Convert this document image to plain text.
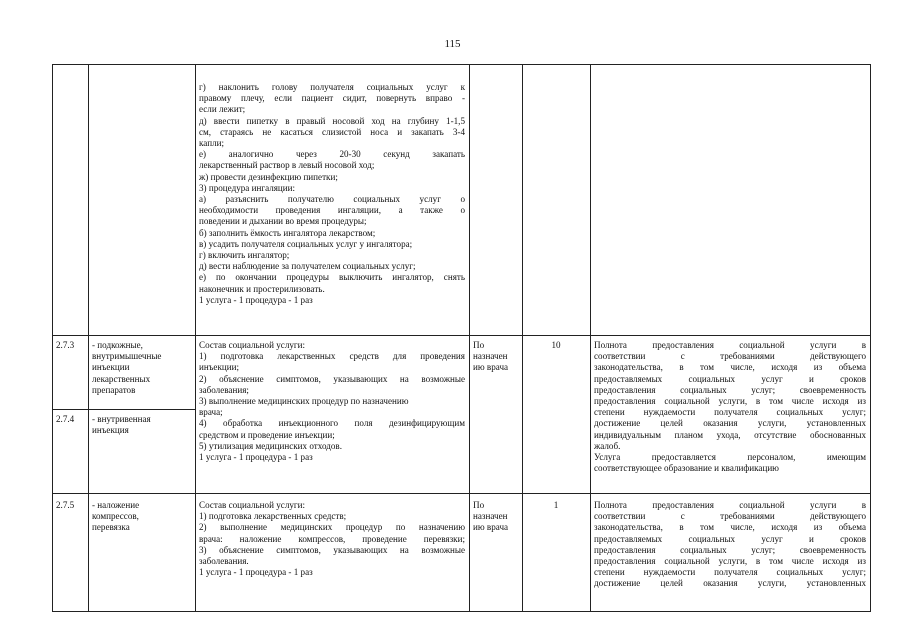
115
г) наклонить голову получателя социальных услуг к
правому плечу, если пациент сидит, повернуть вправо -
если лежит;
д) ввести пипетку в правый носовой ход на глубину 1-1,5
см, стараясь не касаться слизистой носа и закапать 3-4
капли;
е) аналогично через 20-30 секунд закапать
лекарственный раствор в левый носовой ход;
ж) провести дезинфекцию пипетки;
3) процедура ингаляции:
а) разъяснить получателю социальных услуг о
необходимости проведения ингаляции, а также о
поведении и дыхании во время процедуры;
б) заполнить ёмкость ингалятора лекарством;
в) усадить получателя социальных услуг у ингалятора;
г) включить ингалятор;
д) вести наблюдение за получателем социальных услуг;
е) по окончании процедуры выключить ингалятор, снять
наконечник и простерилизовать.
1 услуга - 1 процедура - 1 раз
2.7.3 - подкожные,
внутримышечные
инъекции
лекарственных
препаратов
2.7.4 - внутривенная
инъекция
Состав социальной услуги:
1) подготовка лекарственных средств для проведения
инъекции;
2) объяснение симптомов, указывающих на возможные
заболевания;
3) выполнение медицинских процедур по назначению
врача;
4) обработка инъекционного поля дезинфицирующим
средством и проведение инъекции;
5) утилизация медицинских отходов.
1 услуга - 1 процедура - 1 раз
По
назначен
ию врача
10	Полнота предоставления социальной услуги в
соответствии с требованиями действующего
законодательства, в том числе, исходя из объема
предоставляемых социальных услуг и сроков
предоставления социальных услуг; своевременность
предоставления социальной услуги, в том числе исходя из
степени нуждаемости получателя социальных услуг;
достижение целей оказания услуги, установленных
индивидуальным планом ухода, отсутствие обоснованных
жалоб.
Услуга предоставляется персоналом, имеющим
соответствующее образование и квалификацию
2.7.5 - наложение
компрессов,
перевязка
Состав социальной услуги:
1) подготовка лекарственных средств;
2) выполнение медицинских процедур по назначению
врача: наложение компрессов, проведение перевязки;
3) объяснение симптомов, указывающих на возможные
заболевания.
1 услуга - 1 процедура - 1 раз
По
назначен
ию врача
1	Полнота предоставления социальной услуги в
соответствии с требованиями действующего
законодательства, в том числе, исходя из объема
предоставляемых социальных услуг и сроков
предоставления социальных услуг; своевременность
предоставления социальной услуги, в том числе исходя из
степени нуждаемости получателя социальных услуг;
достижение целей оказания услуги, установленных
